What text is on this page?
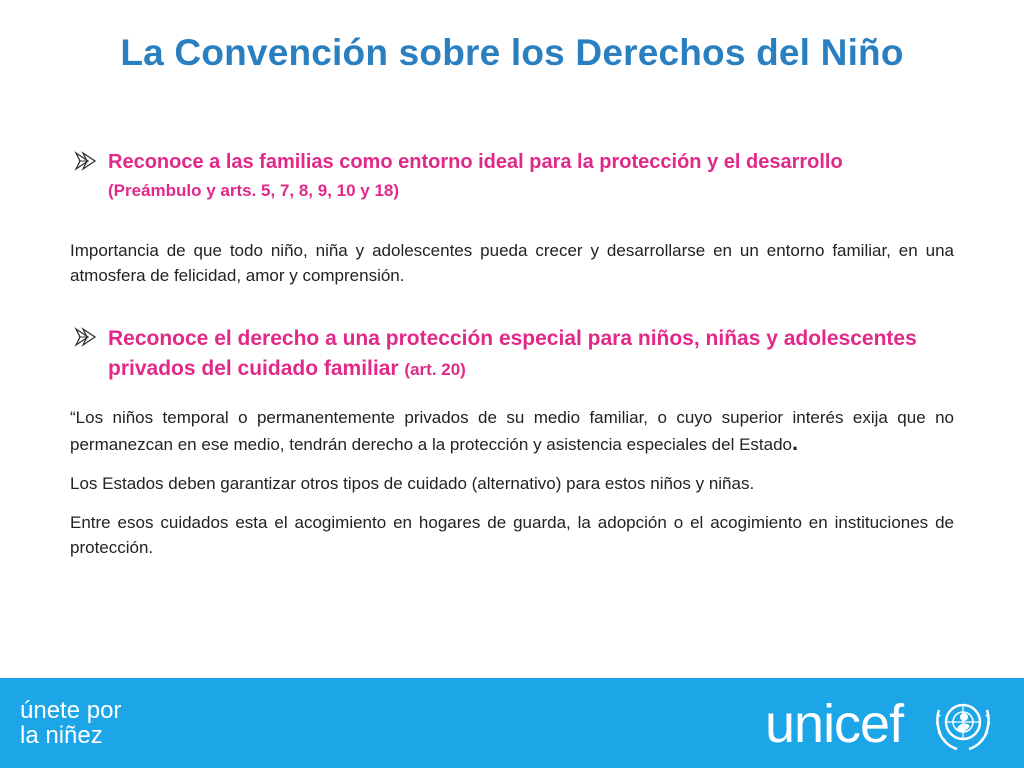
La Convención sobre los Derechos del Niño
Reconoce a las familias como entorno ideal para la protección y el desarrollo
(Preámbulo y arts. 5, 7, 8, 9, 10 y 18)
Importancia de que todo niño, niña y adolescentes pueda crecer y desarrollarse en un entorno familiar, en una atmosfera de felicidad, amor y comprensión.
Reconoce el derecho a una protección especial para niños, niñas y adolescentes privados del cuidado familiar (art. 20)
“Los niños temporal o permanentemente privados de su medio familiar, o cuyo superior interés exija que no permanezcan en ese medio, tendrán derecho a la protección y asistencia especiales del Estado.
Los Estados deben garantizar otros tipos de cuidado (alternativo) para estos niños y niñas.
Entre esos cuidados esta el acogimiento en hogares de guarda, la adopción o el acogimiento en instituciones de protección.
únete por
la niñez	unicef
